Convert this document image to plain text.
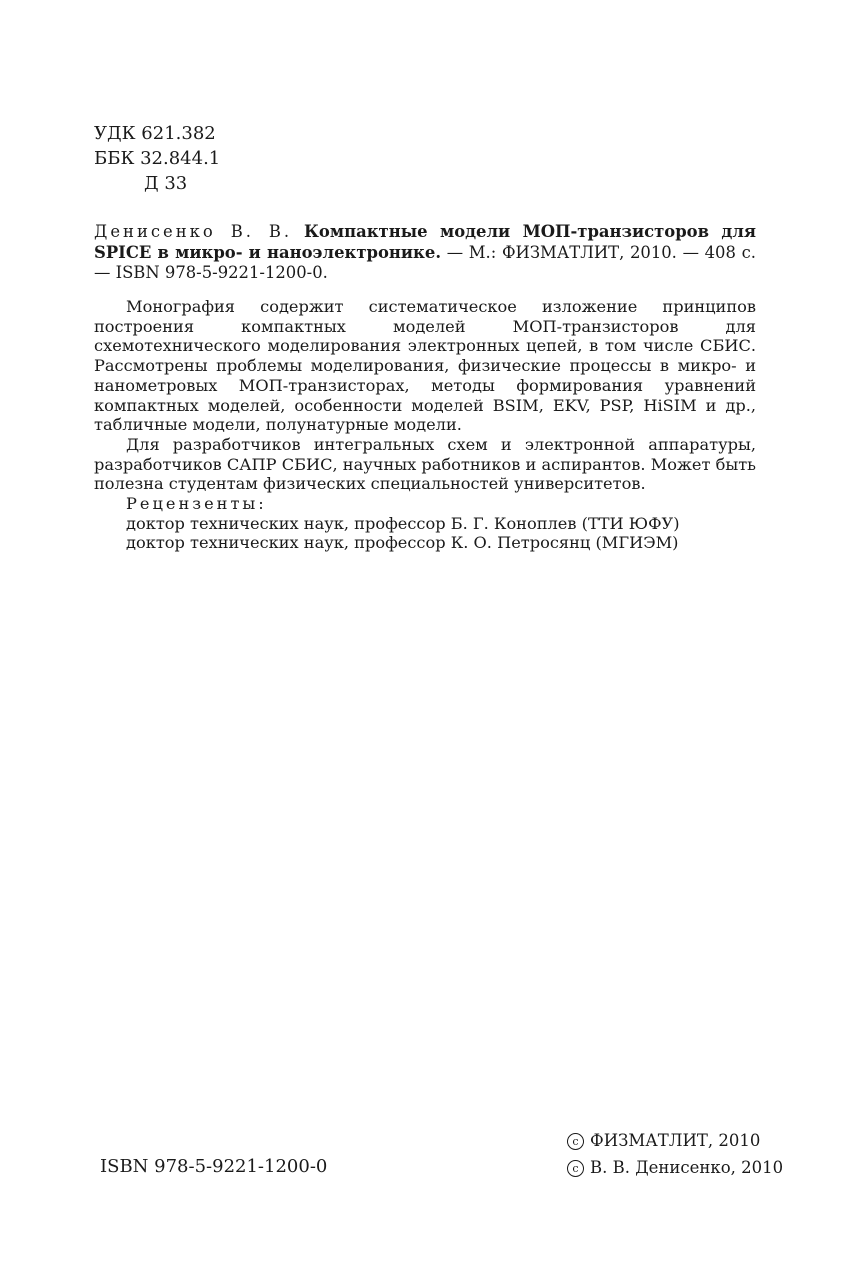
УДК 621.382
ББК 32.844.1
Д 33
Денисенко В. В. Компактные модели МОП-транзисторов для SPICE в микро- и наноэлектронике. — М.: ФИЗМАТЛИТ, 2010. — 408 с. — ISBN 978-5-9221-1200-0.

Монография содержит систематическое изложение принципов построения компактных моделей МОП-транзисторов для схемотехнического моделирования электронных цепей, в том числе СБИС. Рассмотрены проблемы моделирования, физические процессы в микро- и нанометровых МОП-транзисторах, методы формирования уравнений компактных моделей, особенности моделей BSIM, EKV, PSP, HiSIM и др., табличные модели, полунатурные модели.

Для разработчиков интегральных схем и электронной аппаратуры, разработчиков САПР СБИС, научных работников и аспирантов. Может быть полезна студентам физических специальностей университетов.

Рецензенты:

доктор технических наук, профессор Б. Г. Коноплев (ТТИ ЮФУ)

доктор технических наук, профессор К. О. Петросянц (МГИЭМ)

c ФИЗМАТЛИТ, 2010
ISBN 978-5-9221-1200-0	c В. В. Денисенко, 2010
